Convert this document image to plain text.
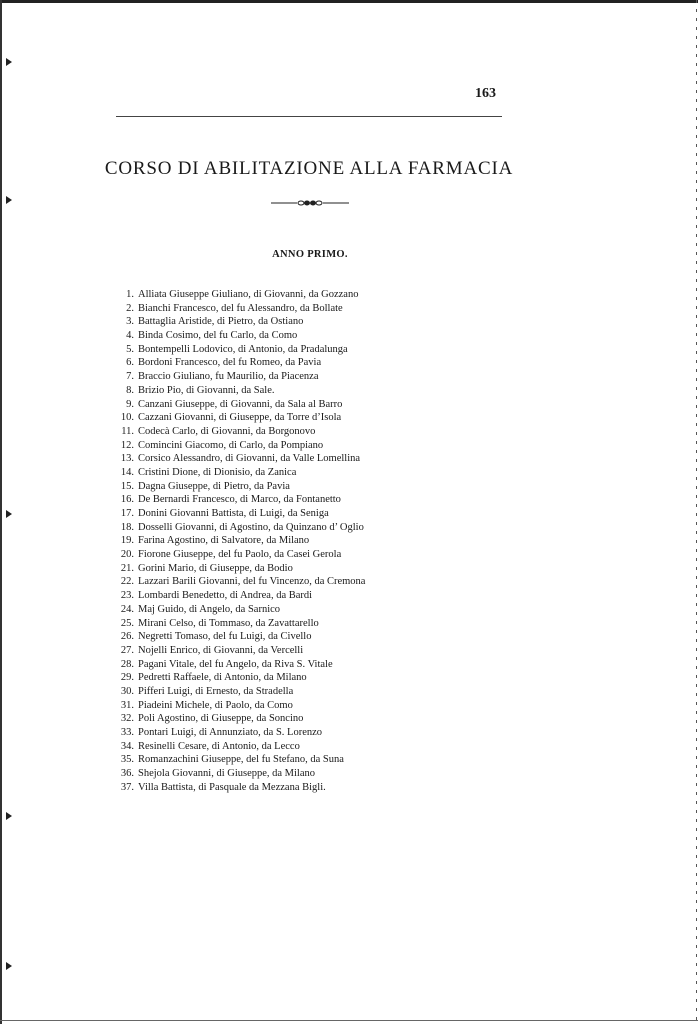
163
CORSO DI ABILITAZIONE ALLA FARMACIA
ANNO PRIMO.
1. Alliata Giuseppe Giuliano, di Giovanni, da Gozzano
2. Bianchi Francesco, del fu Alessandro, da Bollate
3. Battaglia Aristide, di Pietro, da Ostiano
4. Binda Cosimo, del fu Carlo, da Como
5. Bontempelli Lodovico, di Antonio, da Pradalunga
6. Bordoni Francesco, del fu Romeo, da Pavia
7. Braccio Giuliano, fu Maurilio, da Piacenza
8. Brizio Pio, di Giovanni, da Sale.
9. Canzani Giuseppe, di Giovanni, da Sala al Barro
10. Cazzani Giovanni, di Giuseppe, da Torre d’Isola
11. Codecà Carlo, di Giovanni, da Borgonovo
12. Comincini Giacomo, di Carlo, da Pompiano
13. Corsico Alessandro, di Giovanni, da Valle Lomellina
14. Cristini Dione, di Dionisio, da Zanica
15. Dagna Giuseppe, di Pietro, da Pavia
16. De Bernardi Francesco, di Marco, da Fontanetto
17. Donini Giovanni Battista, di Luigi, da Seniga
18. Dosselli Giovanni, di Agostino, da Quinzano d’ Oglio
19. Farina Agostino, di Salvatore, da Milano
20. Fiorone Giuseppe, del fu Paolo, da Casei Gerola
21. Gorini Mario, di Giuseppe, da Bodio
22. Lazzari Barili Giovanni, del fu Vincenzo, da Cremona
23. Lombardi Benedetto, di Andrea, da Bardi
24. Maj Guido, di Angelo, da Sarnico
25. Mirani Celso, di Tommaso, da Zavattarello
26. Negretti Tomaso, del fu Luigi, da Civello
27. Nojelli Enrico, di Giovanni, da Vercelli
28. Pagani Vitale, del fu Angelo, da Riva S. Vitale
29. Pedretti Raffaele, di Antonio, da Milano
30. Pifferi Luigi, di Ernesto, da Stradella
31. Piadeini Michele, di Paolo, da Como
32. Poli Agostino, di Giuseppe, da Soncino
33. Pontari Luigi, di Annunziato, da S. Lorenzo
34. Resinelli Cesare, di Antonio, da Lecco
35. Romanzachini Giuseppe, del fu Stefano, da Suna
36. Shejola Giovanni, di Giuseppe, da Milano
37. Villa Battista, di Pasquale da Mezzana Bigli.
